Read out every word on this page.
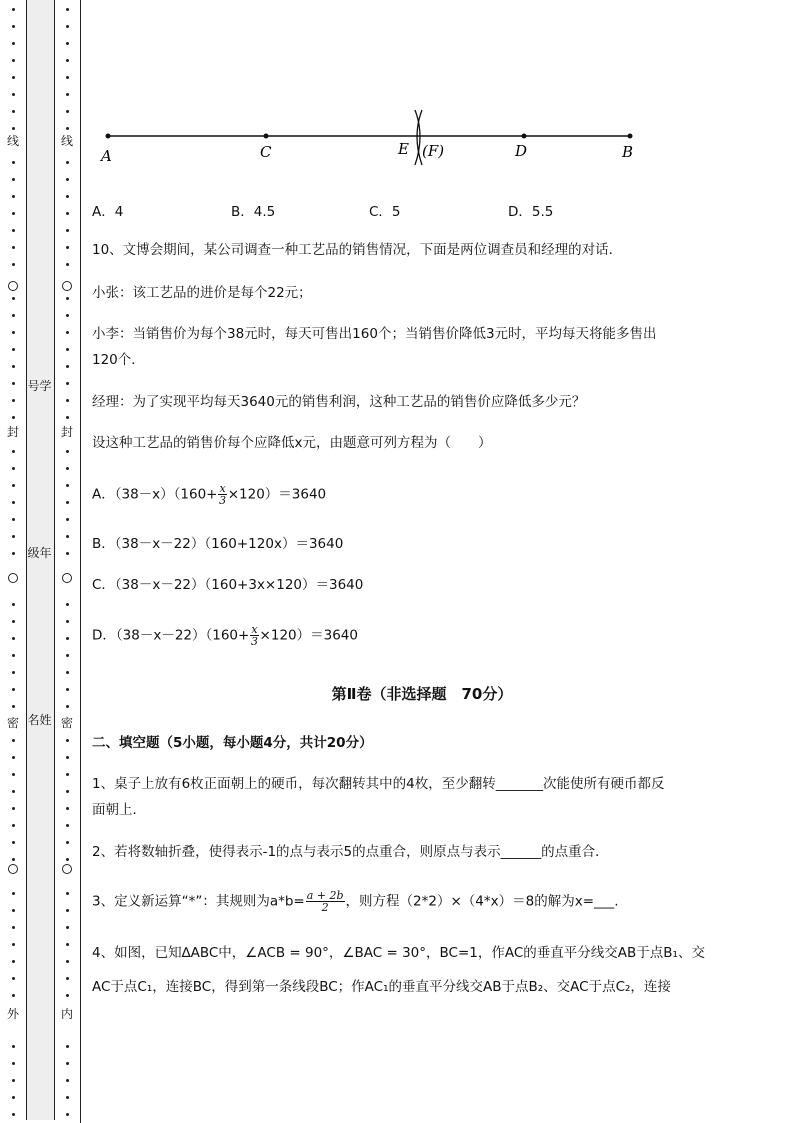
号学
级年
名姓
线
封
密
外
线
封
密
内
A	C	E (F)	D	B
A．4	B．4.5	C．5	D．5.5
10、文博会期间，某公司调查一种工艺品的销售情况，下面是两位调查员和经理的对话．
小张：该工艺品的进价是每个22元；
小李：当销售价为每个38元时，每天可售出160个；当销售价降低3元时，平均每天将能多售出
120个．
经理：为了实现平均每天3640元的销售利润，这种工艺品的销售价应降低多少元？
设这种工艺品的销售价每个应降低x元，由题意可列方程为（　　）
A．$(38-x)(160+ \frac{x}{3} \times 120)=3640$
B．（38－x－22）（160+120x）＝3640
C．（38－x－22）（160+3x×120）＝3640
D．$(38-x-22)(160+ \frac{x}{3} \times 120)=3640$
第Ⅱ卷（非选择题　70分）
二、填空题（5小题，每小题4分，共计20分）
1、桌子上放有6枚正面朝上的硬币，每次翻转其中的4枚，至少翻转_______次能使所有硬币都反
面朝上．
2、若将数轴折叠，使得表示-1的点与表示5的点重合，则原点与表示______的点重合．
3、定义新运算“*”：其规则为$a*b= \frac{a + 2b}{2}$ ，则方程（2*2）×（4*x）＝8的解为x=___.
4、如图，已知∆ABC中，∠ACB = 90°，∠BAC = 30°，BC=1，作AC的垂直平分线交AB于点B₁、交
AC于点C₁，连接BC，得到第一条线段BC；作AC₁的垂直平分线交AB于点B₂、交AC于点C₂，连接
